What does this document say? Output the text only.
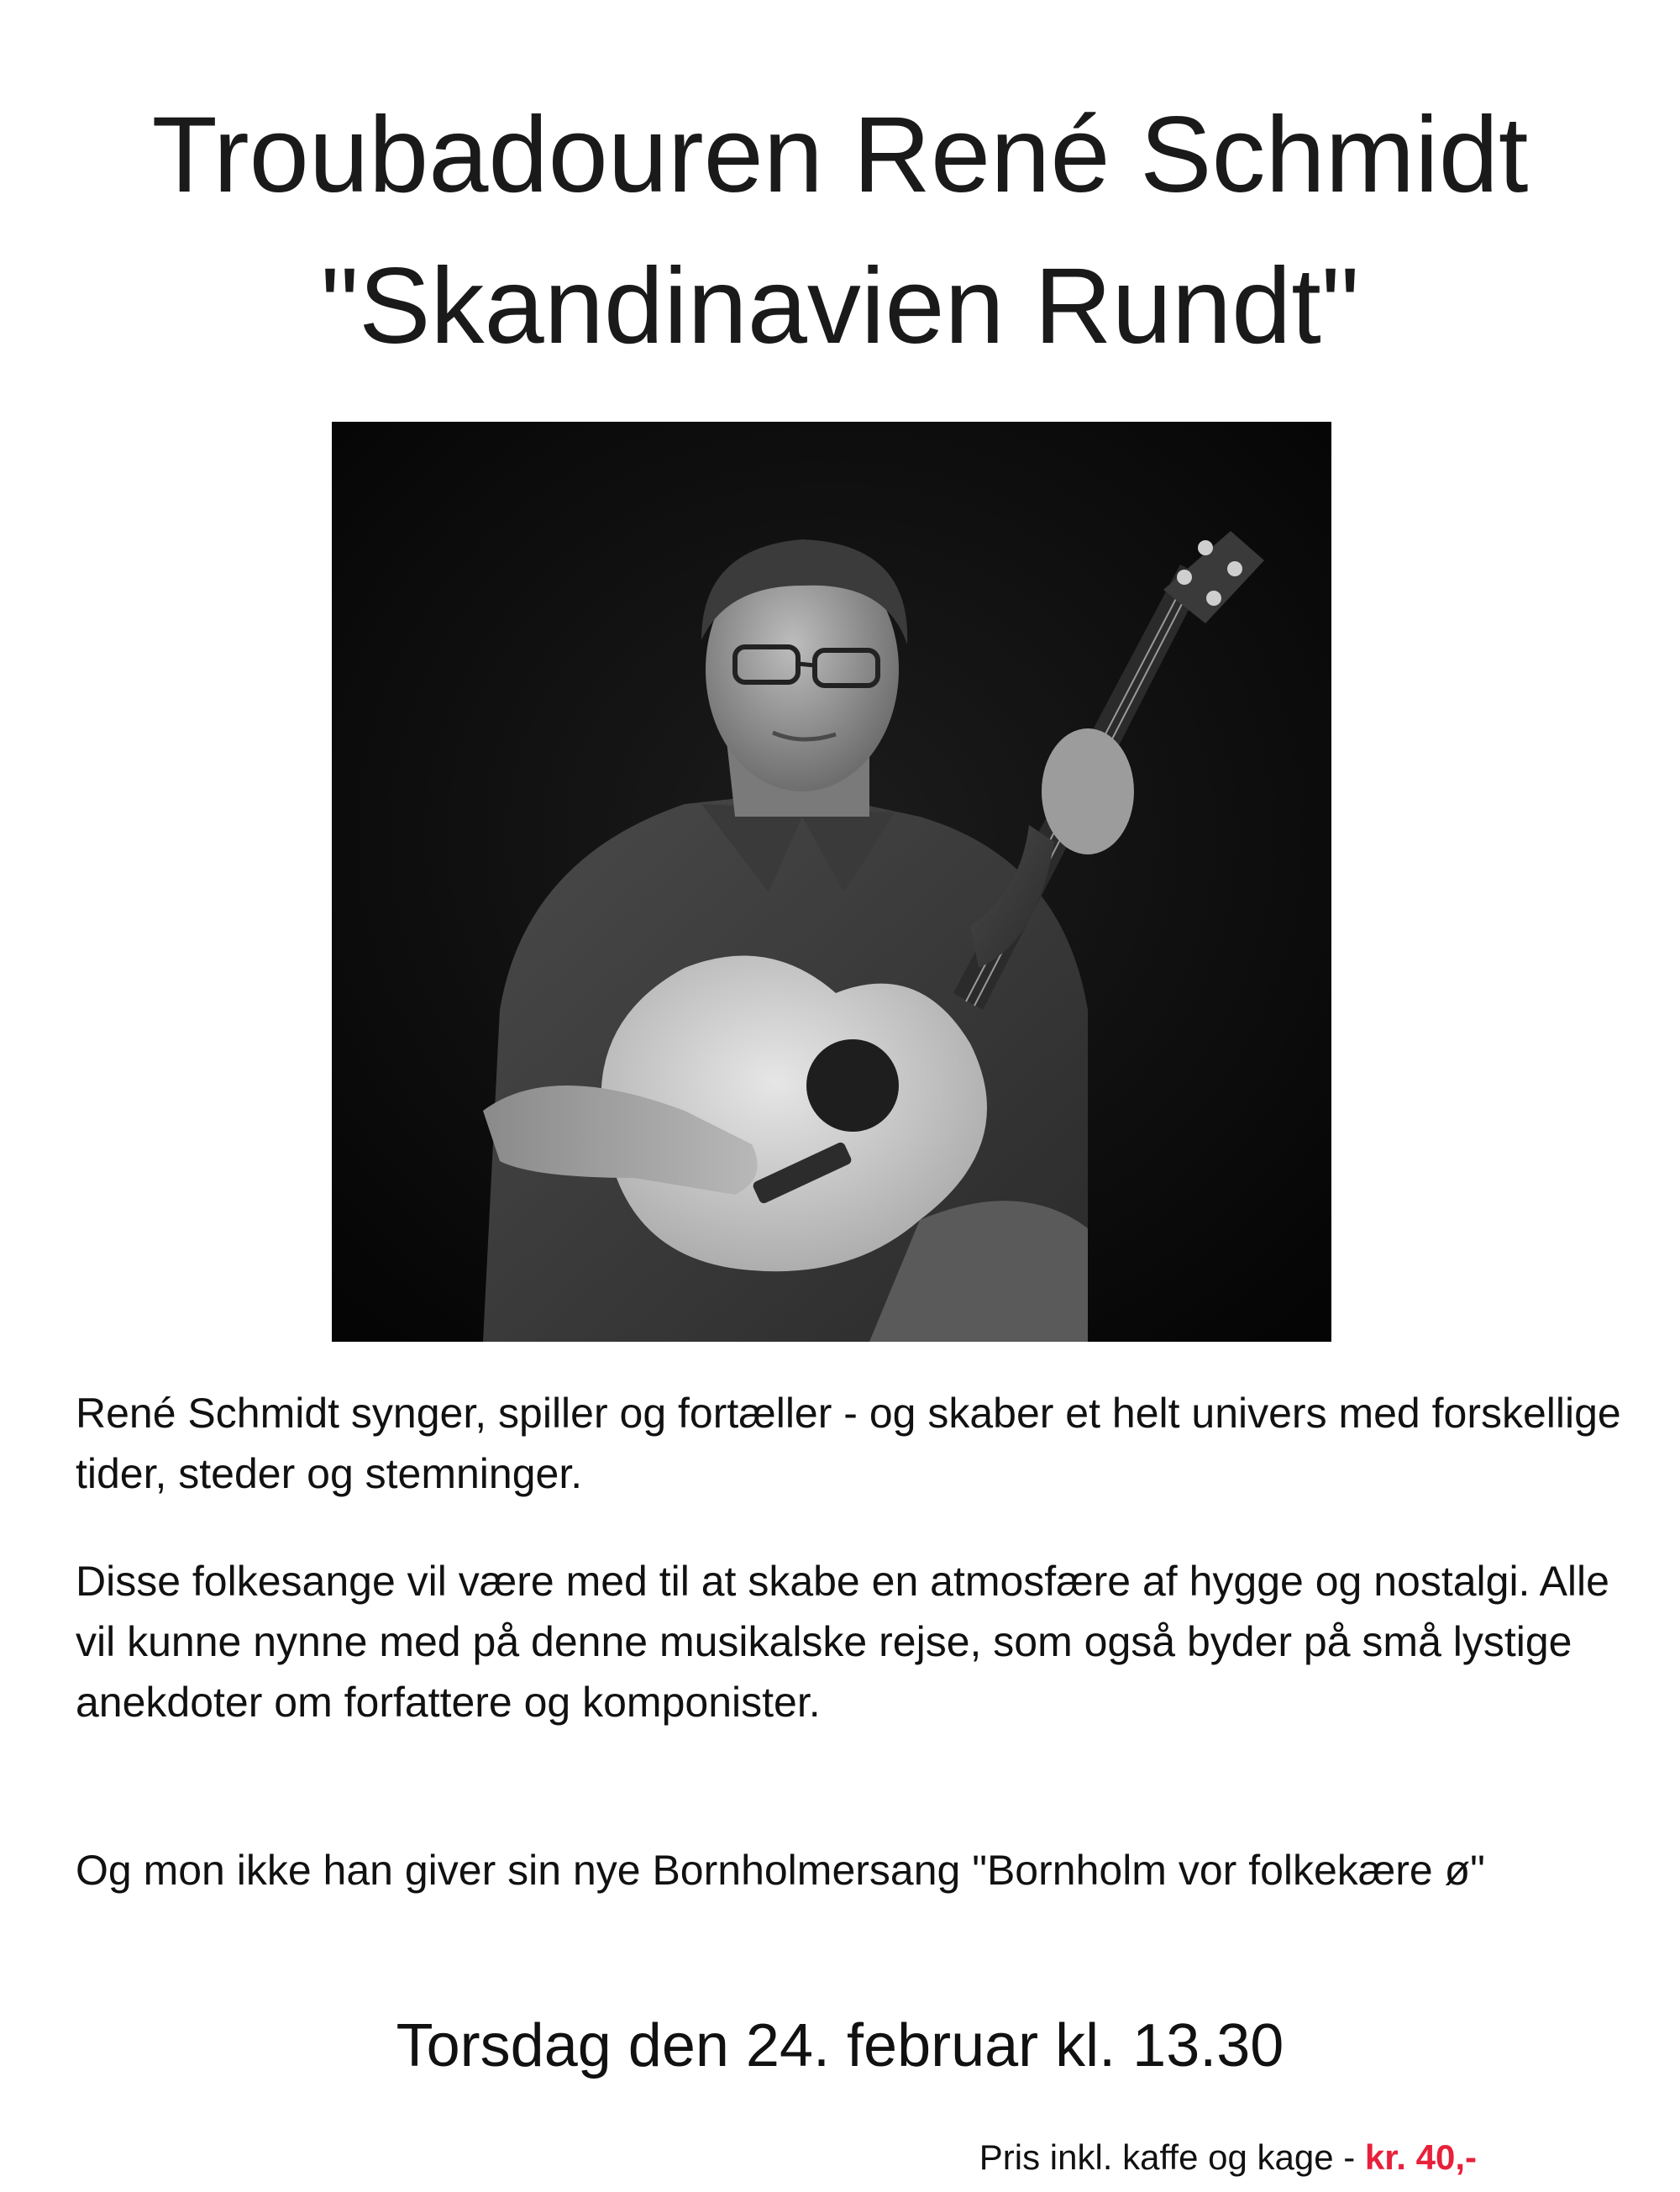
Troubadouren René Schmidt
"Skandinavien Rundt"

René Schmidt synger, spiller og fortæller - og skaber et helt univers med forskellige tider, steder og stemninger.

Disse folkesange vil være med til at skabe en atmosfære af hygge og nostalgi. Alle vil kunne nynne med på denne musikalske rejse, som også byder på små lystige anekdoter om forfattere og komponister.

Og mon ikke han giver sin nye Bornholmersang "Bornholm vor folkekære ø"

Torsdag den 24. februar kl. 13.30
Pris inkl. kaffe og kage - kr. 40,-
